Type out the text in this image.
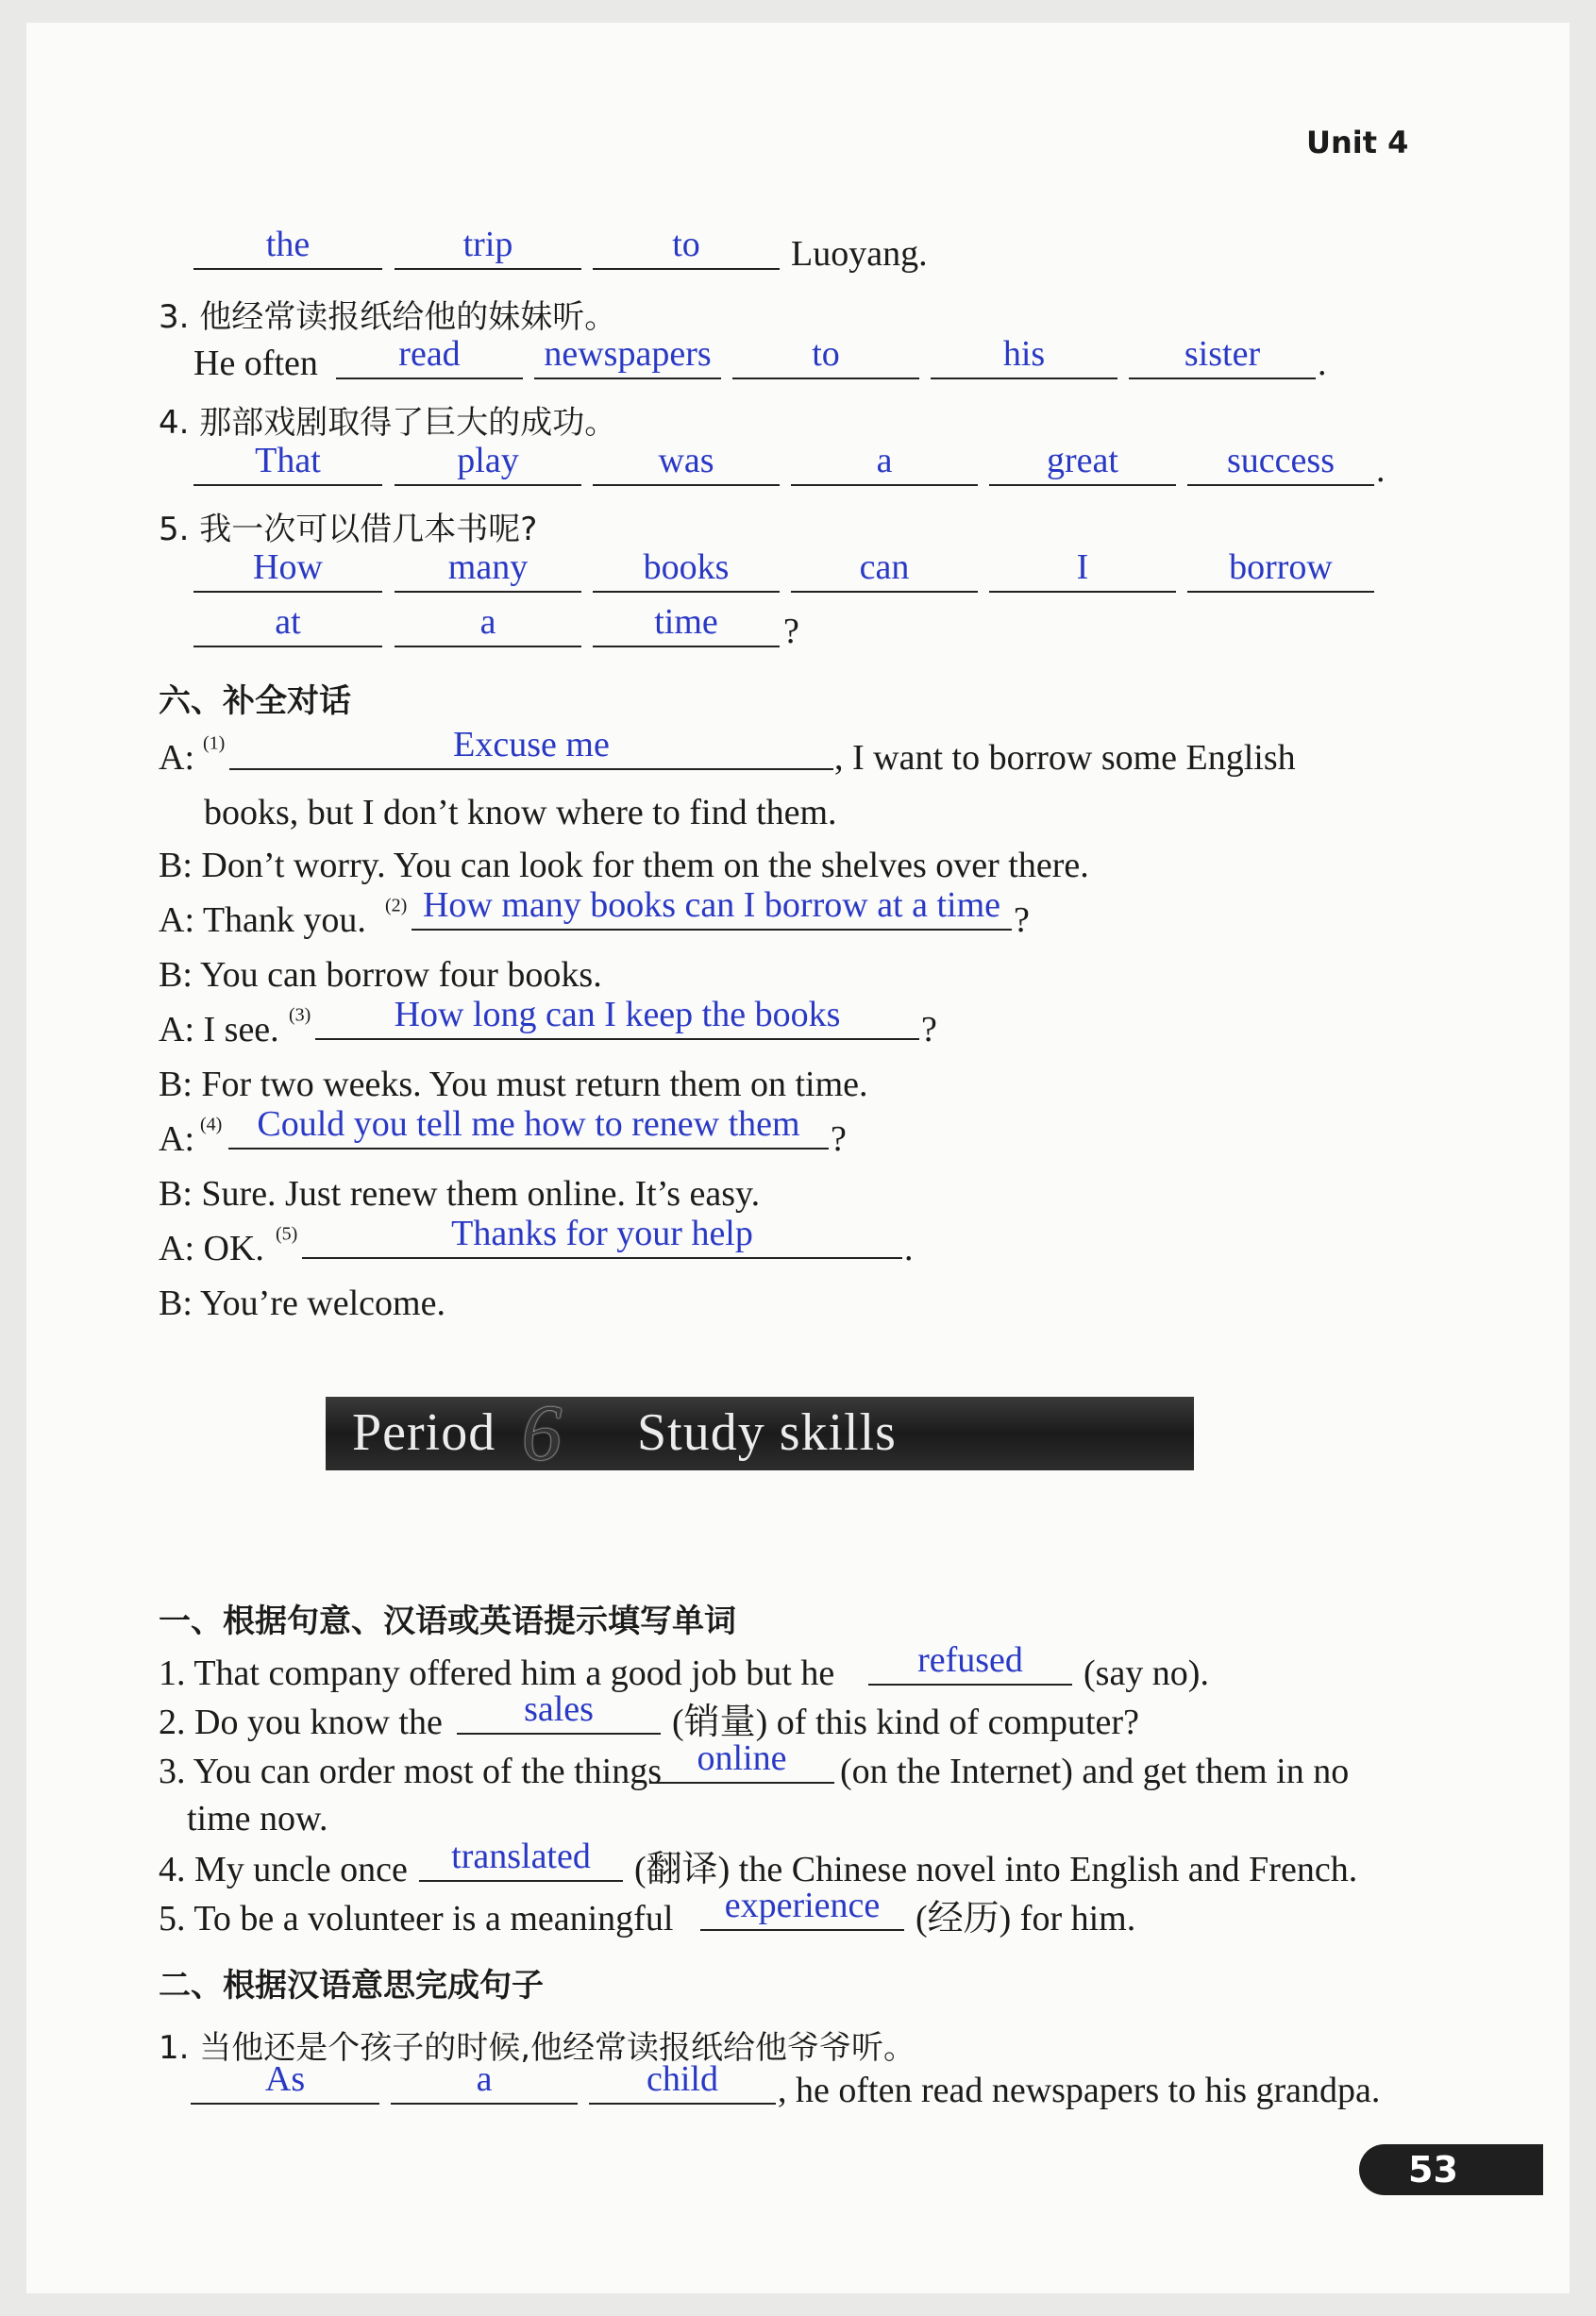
Unit 4
the	trip	to	Luoyang.
3. 他经常读报纸给他的妹妹听。
He often read newspapers	to	his	sister .
4. 那部戏剧取得了巨大的成功。
That	play	was	a	great	success .
5. 我一次可以借几本书呢?
How	many	books	can	I	borrow
at	a	time ?
六、补全对话
A: $^{(1)}$	Excuse me	, I want to borrow some English
books, but I don’t know where to find them.
B: Don’t worry. You can look for them on the shelves over there.
A: Thank you. $^{(2)}$ How many books can I borrow at a time ?
B: You can borrow four books.
A: I see. $^{(3)}$ How long can I keep the books ?
B: For two weeks. You must return them on time.
A: $^{(4)}$ Could you tell me how to renew them ?
B: Sure. Just renew them online. It’s easy.
A: OK. $^{(5)}$	Thanks for your help	.
B: You’re welcome.
Period 6 Study skills
一、根据句意、汉语或英语提示填写单词
1. That company offered him a good job but he refused (say no).
2. Do you know the sales (销量) of this kind of computer?
3. You can order most of the things online (on the Internet) and get them in no
time now.
4. My uncle once translated (翻译) the Chinese novel into English and French.
5. To be a volunteer is a meaningful experience (经历) for him.
二、根据汉语意思完成句子
1. 当他还是个孩子的时候,他经常读报纸给他爷爷听。
As	a	child , he often read newspapers to his grandpa.
53
